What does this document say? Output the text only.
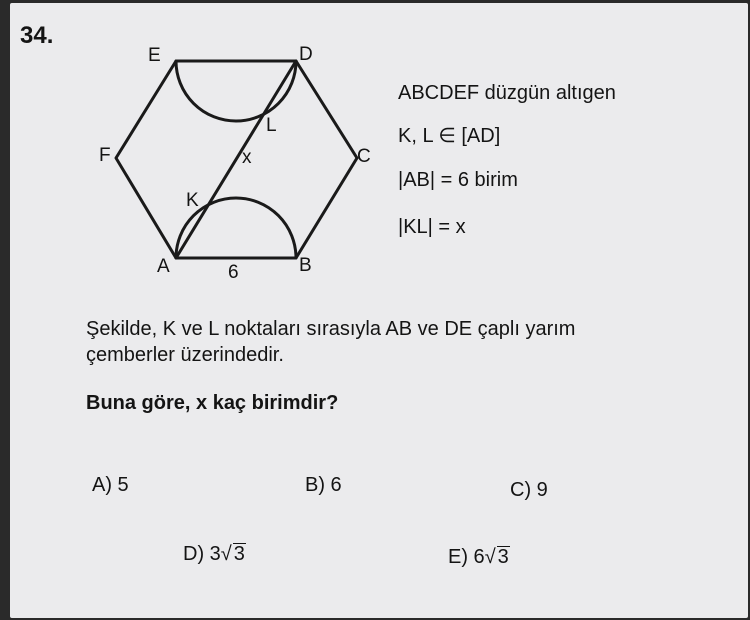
34.
E	D
F	C
A	B
K
L
x
6
ABCDEF düzgün altıgen
K, L ∈ [AD]
|AB| = 6 birim
|KL| = x
Şekilde, K ve L noktaları sırasıyla AB ve DE çaplı yarım
çemberler üzerindedir.
Buna göre, x kaç birimdir?
A) 5	B) 6	C) 9
D) 3√ 3	E) 6√ 3
